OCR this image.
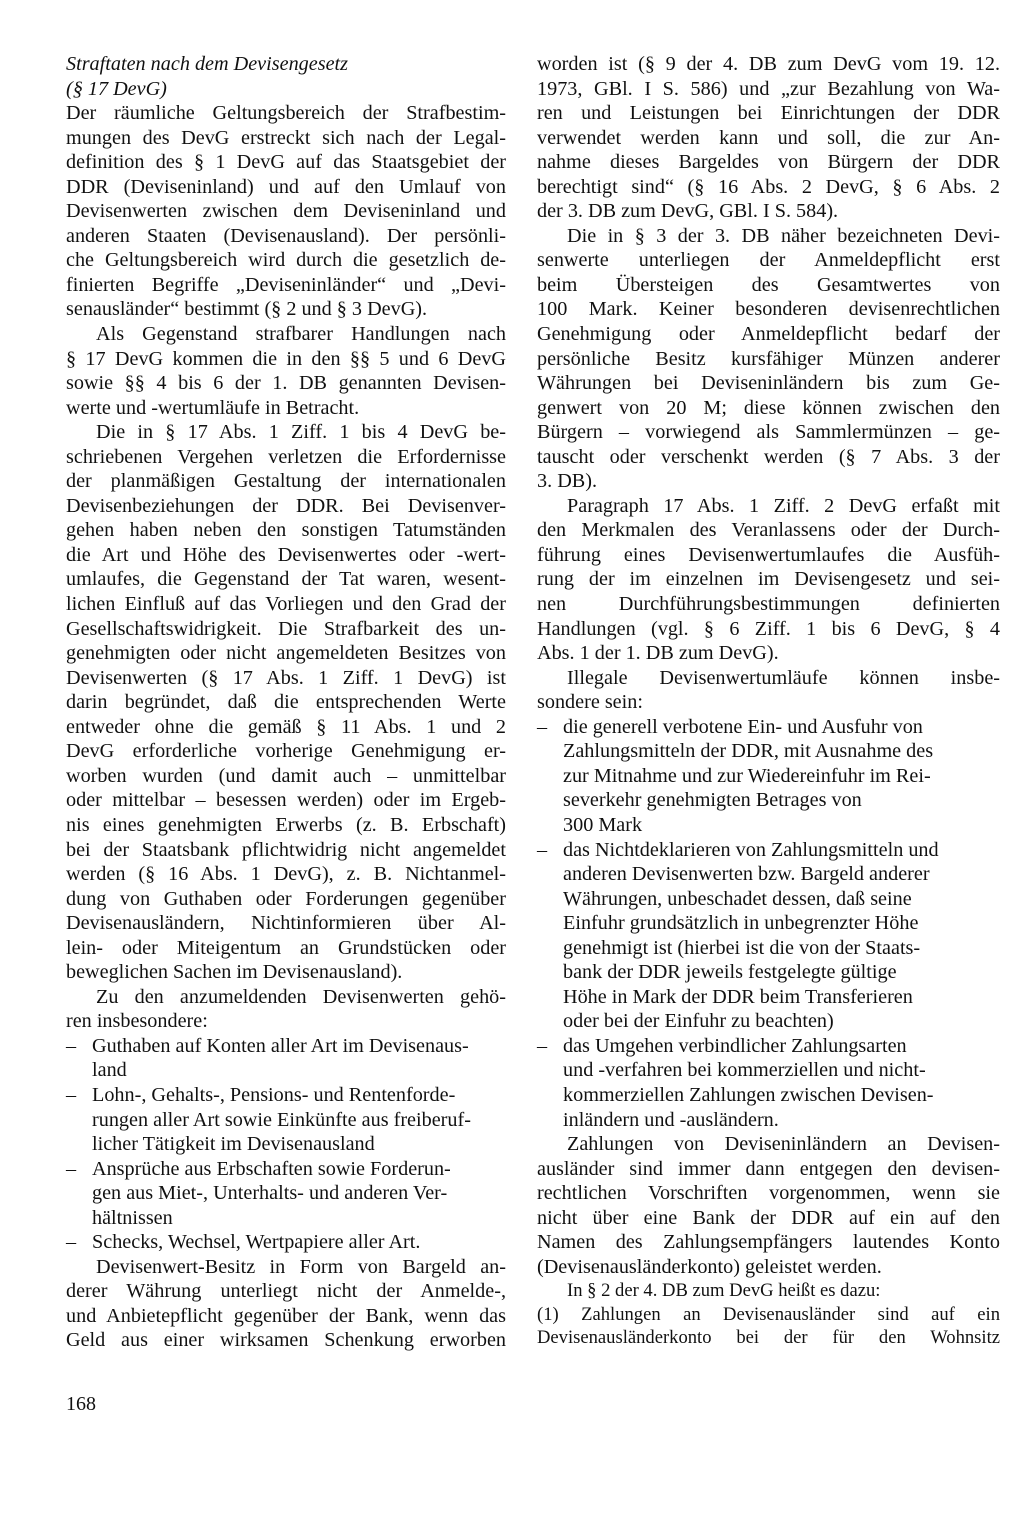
Straftaten nach dem Devisengesetz
(§ 17 DevG)
Der räumliche Geltungsbereich der Strafbestim-
mungen des DevG erstreckt sich nach der Legal-
definition des § 1 DevG auf das Staatsgebiet der
DDR (Deviseninland) und auf den Umlauf von
Devisenwerten zwischen dem Deviseninland und
anderen Staaten (Devisenausland). Der persönli-
che Geltungsbereich wird durch die gesetzlich de-
finierten Begriffe „Deviseninländer“ und „Devi-
senausländer“ bestimmt (§ 2 und § 3 DevG).
Als Gegenstand strafbarer Handlungen nach
§ 17 DevG kommen die in den §§ 5 und 6 DevG
sowie §§ 4 bis 6 der 1. DB genannten Devisen-
werte und -wertumläufe in Betracht.
Die in § 17 Abs. 1 Ziff. 1 bis 4 DevG be-
schriebenen Vergehen verletzen die Erfordernisse
der planmäßigen Gestaltung der internationalen
Devisenbeziehungen der DDR. Bei Devisenver-
gehen haben neben den sonstigen Tatumständen
die Art und Höhe des Devisenwertes oder -wert-
umlaufes, die Gegenstand der Tat waren, wesent-
lichen Einfluß auf das Vorliegen und den Grad der
Gesellschaftswidrigkeit. Die Strafbarkeit des un-
genehmigten oder nicht angemeldeten Besitzes von
Devisenwerten (§ 17 Abs. 1 Ziff. 1 DevG) ist
darin begründet, daß die entsprechenden Werte
entweder ohne die gemäß § 11 Abs. 1 und 2
DevG erforderliche vorherige Genehmigung er-
worben wurden (und damit auch – unmittelbar
oder mittelbar – besessen werden) oder im Ergeb-
nis eines genehmigten Erwerbs (z. B. Erbschaft)
bei der Staatsbank pflichtwidrig nicht angemeldet
werden (§ 16 Abs. 1 DevG), z. B. Nichtanmel-
dung von Guthaben oder Forderungen gegenüber
Devisenausländern, Nichtinformieren über Al-
lein- oder Miteigentum an Grundstücken oder
beweglichen Sachen im Devisenausland).
Zu den anzumeldenden Devisenwerten gehö-
ren insbesondere:
– Guthaben auf Konten aller Art im Devisenaus-
land
– Lohn-, Gehalts-, Pensions- und Rentenforde-
rungen aller Art sowie Einkünfte aus freiberuf-
licher Tätigkeit im Devisenausland
– Ansprüche aus Erbschaften sowie Forderun-
gen aus Miet-, Unterhalts- und anderen Ver-
hältnissen
– Schecks, Wechsel, Wertpapiere aller Art.
Devisenwert-Besitz in Form von Bargeld an-
derer Währung unterliegt nicht der Anmelde-,
und Anbietepflicht gegenüber der Bank, wenn das
Geld aus einer wirksamen Schenkung erworben
worden ist (§ 9 der 4. DB zum DevG vom 19. 12.
1973, GBl. I S. 586) und „zur Bezahlung von Wa-
ren und Leistungen bei Einrichtungen der DDR
verwendet werden kann und soll, die zur An-
nahme dieses Bargeldes von Bürgern der DDR
berechtigt sind“ (§ 16 Abs. 2 DevG, § 6 Abs. 2
der 3. DB zum DevG, GBl. I S. 584).
Die in § 3 der 3. DB näher bezeichneten Devi-
senwerte unterliegen der Anmeldepflicht erst
beim Übersteigen des Gesamtwertes von
100 Mark. Keiner besonderen devisenrechtlichen
Genehmigung oder Anmeldepflicht bedarf der
persönliche Besitz kursfähiger Münzen anderer
Währungen bei Deviseninländern bis zum Ge-
genwert von 20 M; diese können zwischen den
Bürgern – vorwiegend als Sammlermünzen – ge-
tauscht oder verschenkt werden (§ 7 Abs. 3 der
3. DB).
Paragraph 17 Abs. 1 Ziff. 2 DevG erfaßt mit
den Merkmalen des Veranlassens oder der Durch-
führung eines Devisenwertumlaufes die Ausfüh-
rung der im einzelnen im Devisengesetz und sei-
nen Durchführungsbestimmungen definierten
Handlungen (vgl. § 6 Ziff. 1 bis 6 DevG, § 4
Abs. 1 der 1. DB zum DevG).
Illegale Devisenwertumläufe können insbe-
sondere sein:
– die generell verbotene Ein- und Ausfuhr von
Zahlungsmitteln der DDR, mit Ausnahme des
zur Mitnahme und zur Wiedereinfuhr im Rei-
severkehr genehmigten Betrages von
300 Mark
– das Nichtdeklarieren von Zahlungsmitteln und
anderen Devisenwerten bzw. Bargeld anderer
Währungen, unbeschadet dessen, daß seine
Einfuhr grundsätzlich in unbegrenzter Höhe
genehmigt ist (hierbei ist die von der Staats-
bank der DDR jeweils festgelegte gültige
Höhe in Mark der DDR beim Transferieren
oder bei der Einfuhr zu beachten)
– das Umgehen verbindlicher Zahlungsarten
und -verfahren bei kommerziellen und nicht-
kommerziellen Zahlungen zwischen Devisen-
inländern und -ausländern.
Zahlungen von Deviseninländern an Devisen-
ausländer sind immer dann entgegen den devisen-
rechtlichen Vorschriften vorgenommen, wenn sie
nicht über eine Bank der DDR auf ein auf den
Namen des Zahlungsempfängers lautendes Konto
(Devisenausländerkonto) geleistet werden.
In § 2 der 4. DB zum DevG heißt es dazu:
(1) Zahlungen an Devisenausländer sind auf ein
Devisenausländerkonto bei der für den Wohnsitz
168
